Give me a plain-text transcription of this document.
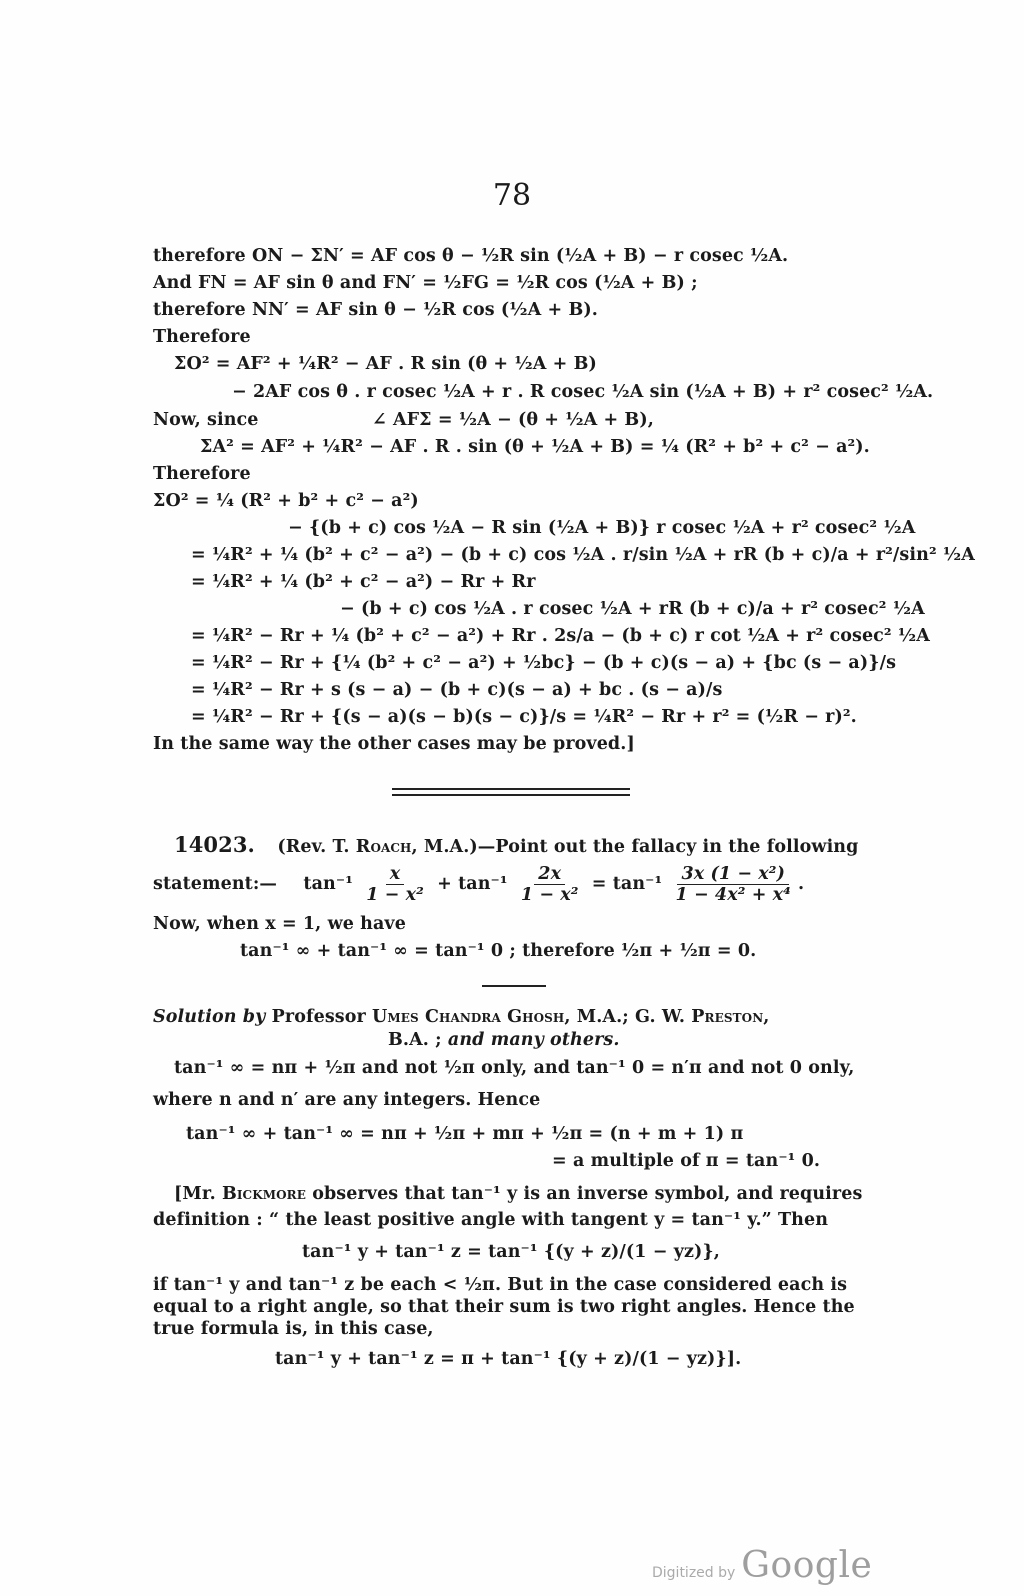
78
therefore ON − ΣN′ = AF cos θ − ½R sin (½A + B) − r cosec ½A.
And FN = AF sin θ and FN′ = ½FG = ½R cos (½A + B) ;
therefore NN′ = AF sin θ − ½R cos (½A + B).
Therefore
ΣO² = AF² + ¼R² − AF . R sin (θ + ½A + B)
− 2AF cos θ . r cosec ½A + r . R cosec ½A sin (½A + B) + r² cosec² ½A.
Now, since	∠ AFΣ = ½A − (θ + ½A + B),
ΣA² = AF² + ¼R² − AF . R . sin (θ + ½A + B) = ¼ (R² + b² + c² − a²).
Therefore
ΣO² = ¼ (R² + b² + c² − a²)
− {(b + c) cos ½A − R sin (½A + B)} r cosec ½A + r² cosec² ½A
= ¼R² + ¼ (b² + c² − a²) − (b + c) cos ½A . r/sin ½A + rR (b + c)/a + r²/sin² ½A
= ¼R² + ¼ (b² + c² − a²) − Rr + Rr
− (b + c) cos ½A . r cosec ½A + rR (b + c)/a + r² cosec² ½A
= ¼R² − Rr + ¼ (b² + c² − a²) + Rr . 2s/a − (b + c) r cot ½A + r² cosec² ½A
= ¼R² − Rr + {¼ (b² + c² − a²) + ½bc} − (b + c)(s − a) + {bc (s − a)}/s
= ¼R² − Rr + s (s − a) − (b + c)(s − a) + bc . (s − a)/s
= ¼R² − Rr + {(s − a)(s − b)(s − c)}/s = ¼R² − Rr + r² = (½R − r)².
In the same way the other cases may be proved.]
14023. (Rev. T. Roach, M.A.)—Point out the fallacy in the following
statement:— $\tan^{-1} \frac{x}{\text{1 − x²}} + \tan^{-1} \frac{2x}{\text{1 − x²}} = \tan^{-1} \frac{\text{3x (1 − x²)}}{\text{1 − 4x² + x⁴}}$ .
Now, when x = 1, we have
tan⁻¹ ∞ + tan⁻¹ ∞ = tan⁻¹ 0 ; therefore ½π + ½π = 0.
Solution by Professor Umes Chandra Ghosh, M.A.; G. W. Preston,
B.A. ; and many others.
tan⁻¹ ∞ = nπ + ½π and not ½π only, and tan⁻¹ 0 = n′π and not 0 only,
where n and n′ are any integers. Hence
tan⁻¹ ∞ + tan⁻¹ ∞ = nπ + ½π + mπ + ½π = (n + m + 1) π
= a multiple of π = tan⁻¹ 0.
[Mr. Bickmore observes that tan⁻¹ y is an inverse symbol, and requires
definition : “ the least positive angle with tangent y = tan⁻¹ y.” Then
tan⁻¹ y + tan⁻¹ z = tan⁻¹ {(y + z)/(1 − yz)},
if tan⁻¹ y and tan⁻¹ z be each < ½π. But in the case considered each is
equal to a right angle, so that their sum is two right angles. Hence the
true formula is, in this case,
tan⁻¹ y + tan⁻¹ z = π + tan⁻¹ {(y + z)/(1 − yz)}].
Digitized by Google
